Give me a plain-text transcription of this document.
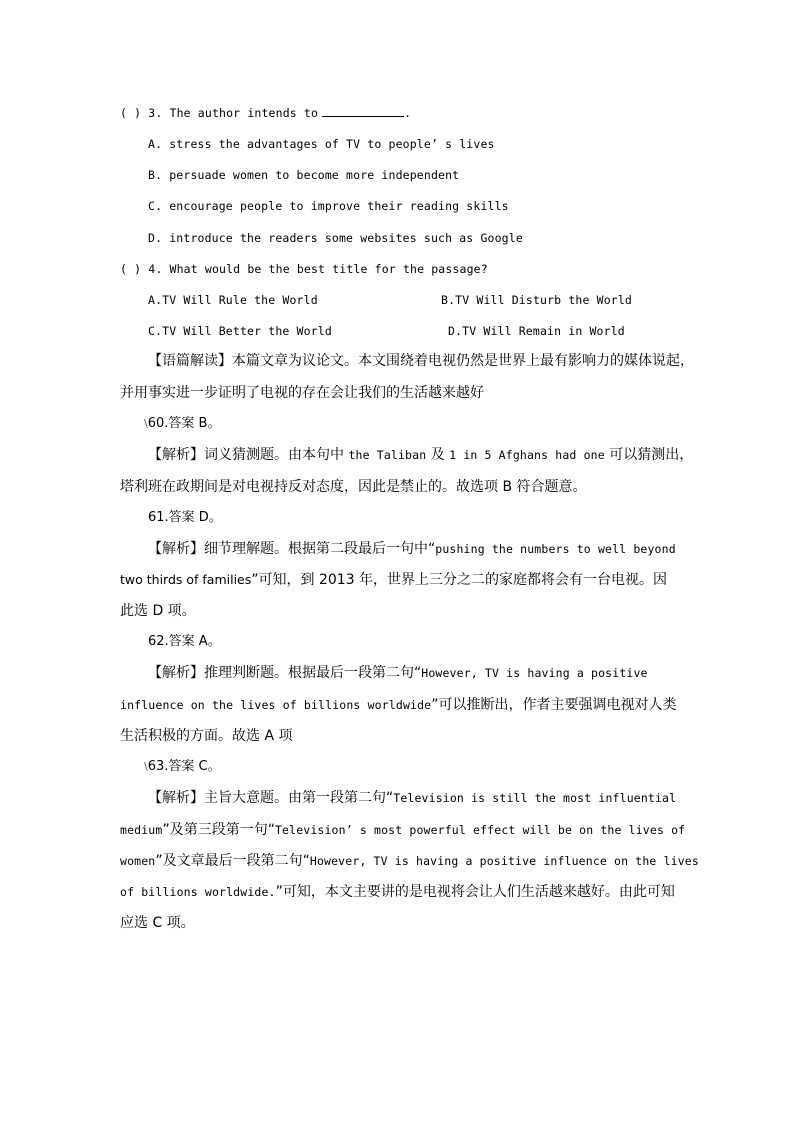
( ) 3. The author intends to	.
A. stress the advantages of TV to people’ s lives
B. persuade women to become more independent
C. encourage people to improve their reading skills
D. introduce the readers some websites such as Google
( ) 4. What would be the best title for the passage?
A.TV Will Rule the World	B.TV Will Disturb the World
C.TV Will Better the World	D.TV Will Remain in World
【语篇解读】本篇文章为议论文。本文围绕着电视仍然是世界上最有影响力的媒体说起，
并用事实进一步证明了电视的存在会让我们的生活越来越好
\60.答案 B。
【解析】词义猜测题。由本句中 the Taliban 及 1 in 5 Afghans had one 可以猜测出，
塔利班在政期间是对电视持反对态度，因此是禁止的。故选项 B 符合题意。
61.答案 D。
【解析】细节理解题。根据第二段最后一句中“pushing the numbers to well beyond
two thirds of families”可知，到 2013 年，世界上三分之二的家庭都将会有一台电视。因
此选 D 项。
62.答案 A。
【解析】推理判断题。根据最后一段第二句“However, TV is having a positive
influence on the lives of billions worldwide”可以推断出，作者主要强调电视对人类
生活积极的方面。故选 A 项
\63.答案 C。
【解析】主旨大意题。由第一段第二句“Television is still the most influential
medium”及第三段第一句“Television’ s most powerful effect will be on the lives of
women”及文章最后一段第二句“However, TV is having a positive influence on the lives
of billions worldwide.”可知，本文主要讲的是电视将会让人们生活越来越好。由此可知
应选 C 项。
